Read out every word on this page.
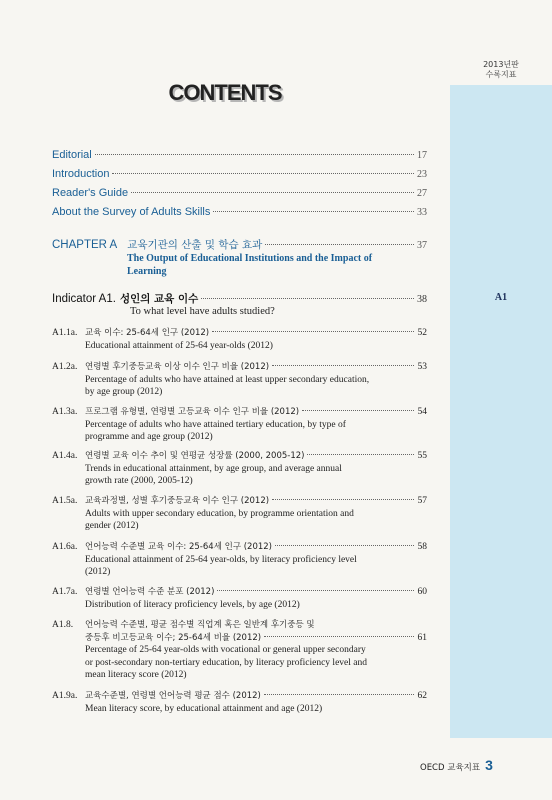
2013년판
수록지표
A1
CONTENTS
Editorial	17
Introduction	23
Reader's Guide	27
About the Survey of Adults Skills	33
CHAPTER A 교육기관의 산출 및 학습 효과	37
The Output of Educational Institutions and the Impact of
Learning
Indicator A1. 성인의 교육 이수	38
To what level have adults studied?
A1.1a. 교육 이수: 25-64세 인구 (2012)	52
Educational attainment of 25-64 year-olds (2012)
A1.2a. 연령별 후기중등교육 이상 이수 인구 비율 (2012)	53
Percentage of adults who have attained at least upper secondary education,
by age group (2012)
A1.3a. 프로그램 유형별, 연령별 고등교육 이수 인구 비율 (2012)	54
Percentage of adults who have attained tertiary education, by type of
programme and age group (2012)
A1.4a. 연령별 교육 이수 추이 및 연평균 성장률 (2000, 2005-12)	55
Trends in educational attainment, by age group, and average annual
growth rate (2000, 2005-12)
A1.5a. 교육과정별, 성별 후기중등교육 이수 인구 (2012)	57
Adults with upper secondary education, by programme orientation and
gender (2012)
A1.6a. 언어능력 수준별 교육 이수: 25-64세 인구 (2012)	58
Educational attainment of 25-64 year-olds, by literacy proficiency level
(2012)
A1.7a. 연령별 언어능력 수준 분포 (2012)	60
Distribution of literacy proficiency levels, by age (2012)
A1.8.	언어능력 수준별, 평균 점수별 직업계 혹은 일반계 후기중등 및
중등후 비고등교육 이수; 25-64세 비율 (2012)	61
Percentage of 25-64 year-olds with vocational or general upper secondary
or post-secondary non-tertiary education, by literacy proficiency level and
mean literacy score (2012)
A1.9a. 교육수준별, 연령별 언어능력 평균 점수 (2012)	62
Mean literacy score, by educational attainment and age (2012)
OECD 교육지표 3
